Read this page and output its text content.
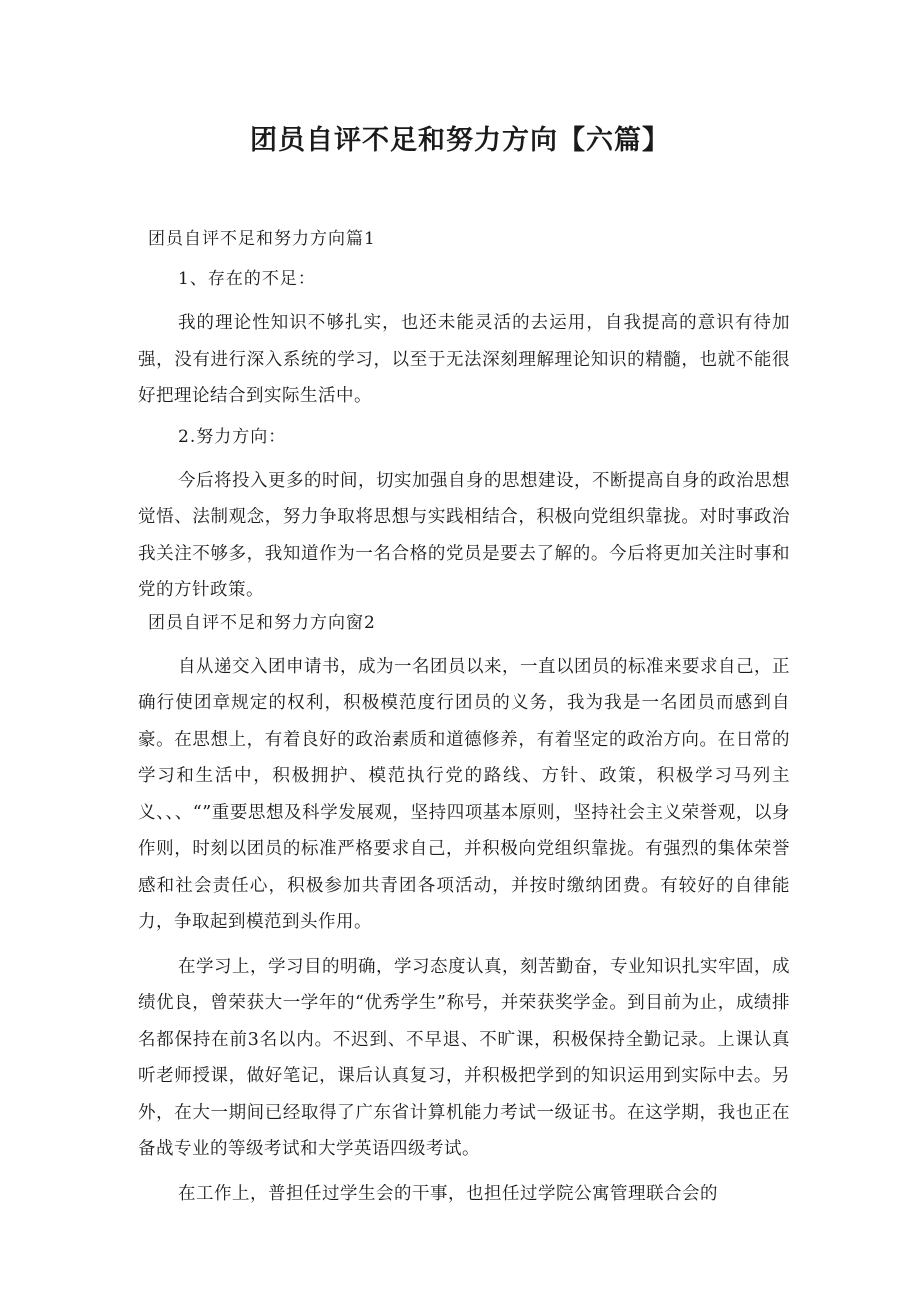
团员自评不足和努力方向【六篇】
团员自评不足和努力方向篇1
1、存在的不足：

我的理论性知识不够扎实，也还未能灵活的去运用，自我提高的意识有待加强，没有进行深入系统的学习，以至于无法深刻理解理论知识的精髓，也就不能很好把理论结合到实际生活中。

2.努力方向：

今后将投入更多的时间，切实加强自身的思想建设，不断提高自身的政治思想觉悟、法制观念，努力争取将思想与实践相结合，积极向党组织靠拢。对时事政治我关注不够多，我知道作为一名合格的党员是要去了解的。今后将更加关注时事和党的方针政策。

团员自评不足和努力方向窗2

自从递交入团申请书，成为一名团员以来，一直以团员的标准来要求自己，正确行使团章规定的权利，积极模范度行团员的义务，我为我是一名团员而感到自豪。在思想上，有着良好的政治素质和道德修养，有着坚定的政治方向。在日常的学习和生活中，积极拥护、模范执行党的路线、方针、政策，积极学习马列主义、、、“”重要思想及科学发展观，坚持四项基本原则，坚持社会主义荣誉观，以身作则，时刻以团员的标准严格要求自己，并积极向党组织靠拢。有强烈的集体荣誉感和社会责任心，积极参加共青团各项活动，并按时缴纳团费。有较好的自律能力，争取起到模范到头作用。

在学习上，学习目的明确，学习态度认真，刻苦勤奋，专业知识扎实牢固，成绩优良，曾荣获大一学年的“优秀学生”称号，并荣获奖学金。到目前为止，成绩排名都保持在前3名以内。不迟到、不早退、不旷课，积极保持全勤记录。上课认真听老师授课，做好笔记，课后认真复习，并积极把学到的知识运用到实际中去。另外，在大一期间已经取得了广东省计算机能力考试一级证书。在这学期，我也正在备战专业的等级考试和大学英语四级考试。

在工作上，普担任过学生会的干事，也担任过学院公寓管理联合会的
